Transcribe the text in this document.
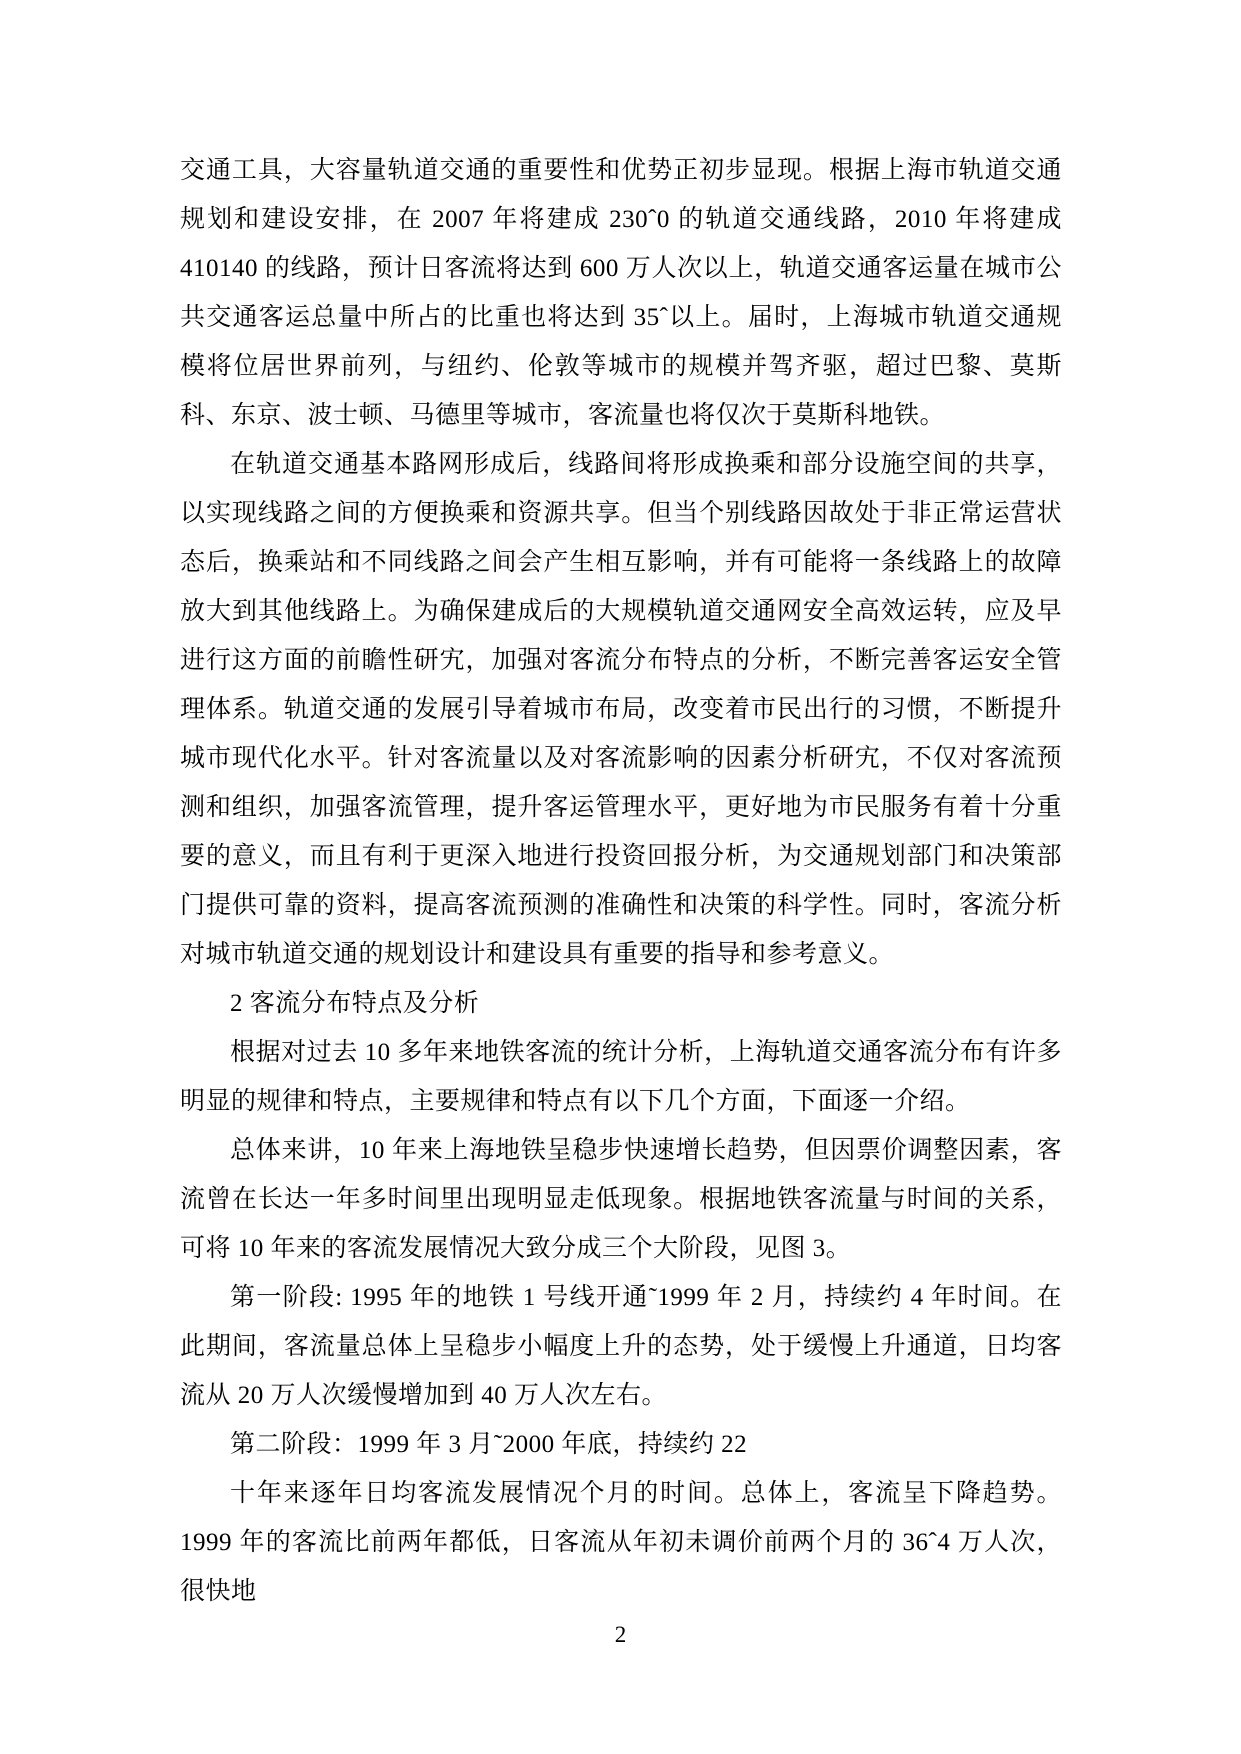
交通工具，大容量轨道交通的重要性和优势正初步显现。根据上海市轨道交通规划和建设安排，在 2007 年将建成 230ˆ0 的轨道交通线路，2010 年将建成 410140 的线路，预计日客流将达到 600 万人次以上，轨道交通客运量在城市公共交通客运总量中所占的比重也将达到 35ˆ以上。届时，上海城市轨道交通规模将位居世界前列，与纽约、伦敦等城市的规模并驾齐驱，超过巴黎、莫斯科、东京、波士顿、马德里等城市，客流量也将仅次于莫斯科地铁。

在轨道交通基本路网形成后，线路间将形成换乘和部分设施空间的共享，以实现线路之间的方便换乘和资源共享。但当个别线路因故处于非正常运营状态后，换乘站和不同线路之间会产生相互影响，并有可能将一条线路上的故障放大到其他线路上。为确保建成后的大规模轨道交通网安全高效运转，应及早进行这方面的前瞻性研宄，加强对客流分布特点的分析，不断完善客运安全管理体系。轨道交通的发展引导着城市布局，改变着市民出行的习惯，不断提升城市现代化水平。针对客流量以及对客流影响的因素分析研宄，不仅对客流预测和组织，加强客流管理，提升客运管理水平，更好地为市民服务有着十分重要的意义，而且有利于更深入地进行投资回报分析，为交通规划部门和决策部门提供可靠的资料，提高客流预测的准确性和决策的科学性。同时，客流分析对城市轨道交通的规划设计和建设具有重要的指导和参考意义。

2 客流分布特点及分析

根据对过去 10 多年来地铁客流的统计分析，上海轨道交通客流分布有许多明显的规律和特点，主要规律和特点有以下几个方面，下面逐一介绍。

总体来讲，10 年来上海地铁呈稳步快速增长趋势，但因票价调整因素，客流曾在长达一年多时间里出现明显走低现象。根据地铁客流量与时间的关系，可将 10 年来的客流发展情况大致分成三个大阶段，见图 3。

第一阶段: 1995 年的地铁 1 号线开通˜1999 年 2 月，持续约 4 年时间。在此期间，客流量总体上呈稳步小幅度上升的态势，处于缓慢上升通道，日均客流从 20 万人次缓慢增加到 40 万人次左右。

第二阶段：1999 年 3 月˜2000 年底，持续约 22

十年来逐年日均客流发展情况个月的时间。总体上，客流呈下降趋势。1999 年的客流比前两年都低，日客流从年初未调价前两个月的 36ˆ4 万人次，很快地

2
